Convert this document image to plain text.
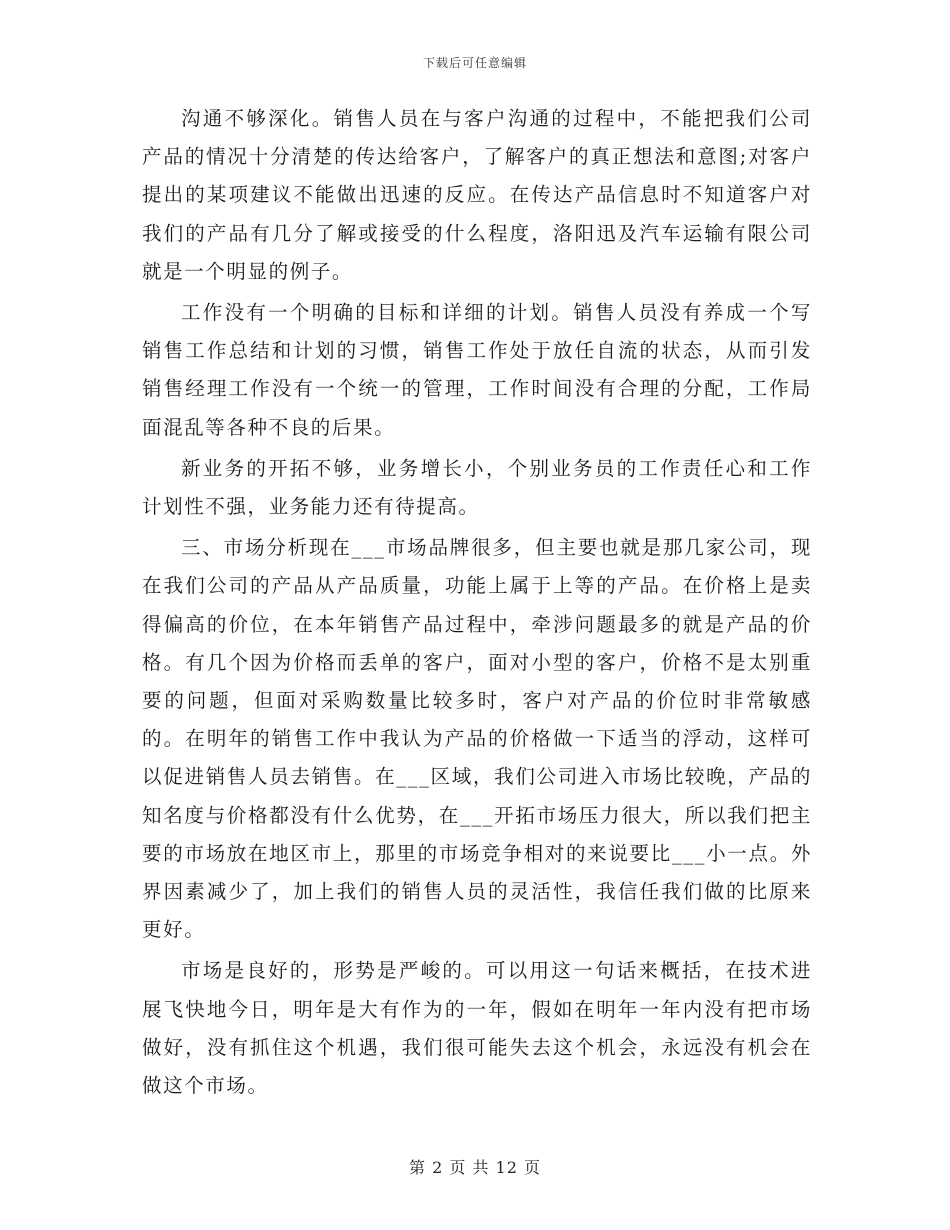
下载后可任意编辑

沟通不够深化。销售人员在与客户沟通的过程中，不能把我们公司产品的情况十分清楚的传达给客户，了解客户的真正想法和意图;对客户提出的某项建议不能做出迅速的反应。在传达产品信息时不知道客户对我们的产品有几分了解或接受的什么程度，洛阳迅及汽车运输有限公司就是一个明显的例子。

工作没有一个明确的目标和详细的计划。销售人员没有养成一个写销售工作总结和计划的习惯，销售工作处于放任自流的状态，从而引发销售经理工作没有一个统一的管理，工作时间没有合理的分配，工作局面混乱等各种不良的后果。

新业务的开拓不够，业务增长小，个别业务员的工作责任心和工作计划性不强，业务能力还有待提高。

三、市场分析现在___市场品牌很多，但主要也就是那几家公司，现在我们公司的产品从产品质量，功能上属于上等的产品。在价格上是卖得偏高的价位，在本年销售产品过程中，牵涉问题最多的就是产品的价格。有几个因为价格而丢单的客户，面对小型的客户，价格不是太别重要的问题，但面对采购数量比较多时，客户对产品的价位时非常敏感的。在明年的销售工作中我认为产品的价格做一下适当的浮动，这样可以促进销售人员去销售。在___区域，我们公司进入市场比较晚，产品的知名度与价格都没有什么优势，在___开拓市场压力很大，所以我们把主要的市场放在地区市上，那里的市场竞争相对的来说要比___小一点。外界因素减少了，加上我们的销售人员的灵活性，我信任我们做的比原来更好。

市场是良好的，形势是严峻的。可以用这一句话来概括，在技术进展飞快地今日，明年是大有作为的一年，假如在明年一年内没有把市场做好，没有抓住这个机遇，我们很可能失去这个机会，永远没有机会在做这个市场。

第 2 页 共 12 页
